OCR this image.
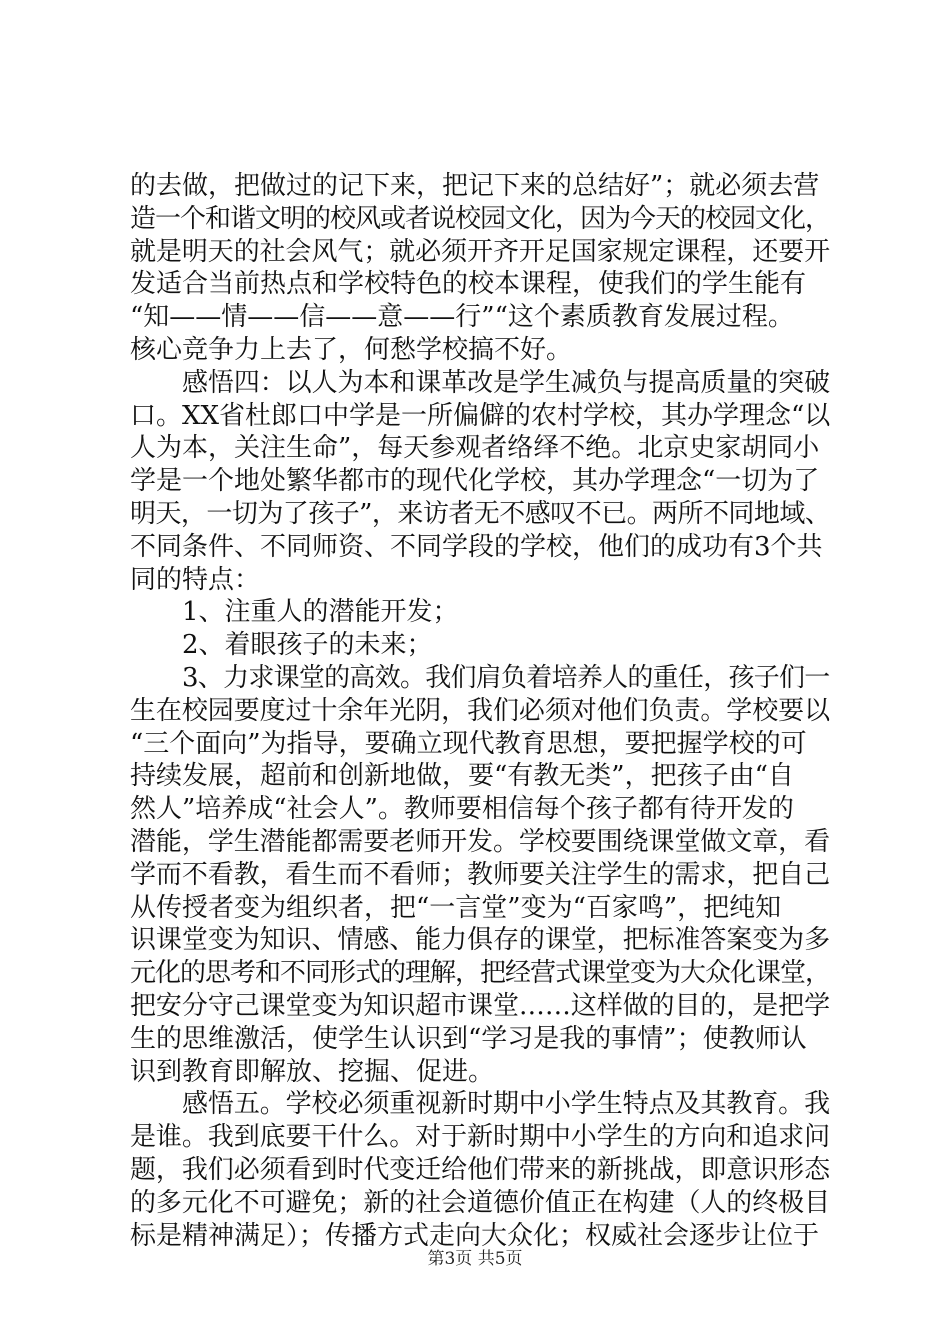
的去做，把做过的记下来，把记下来的总结好”；就必须去营
造一个和谐文明的校风或者说校园文化，因为今天的校园文化，
就是明天的社会风气；就必须开齐开足国家规定课程，还要开
发适合当前热点和学校特色的校本课程，使我们的学生能有
“知——情——信——意——行”“这个素质教育发展过程。
核心竞争力上去了，何愁学校搞不好。
感悟四：以人为本和课革改是学生减负与提高质量的突破
口。XX省杜郎口中学是一所偏僻的农村学校，其办学理念“以
人为本，关注生命”，每天参观者络绎不绝。北京史家胡同小
学是一个地处繁华都市的现代化学校，其办学理念“一切为了
明天，一切为了孩子”，来访者无不感叹不已。两所不同地域、
不同条件、不同师资、不同学段的学校，他们的成功有3个共
同的特点：
1、注重人的潜能开发；
2、着眼孩子的未来；
3、力求课堂的高效。我们肩负着培养人的重任，孩子们一
生在校园要度过十余年光阴，我们必须对他们负责。学校要以
“三个面向”为指导，要确立现代教育思想，要把握学校的可
持续发展，超前和创新地做，要“有教无类”，把孩子由“自
然人”培养成“社会人”。教师要相信每个孩子都有待开发的
潜能，学生潜能都需要老师开发。学校要围绕课堂做文章，看
学而不看教，看生而不看师；教师要关注学生的需求，把自己
从传授者变为组织者，把“一言堂”变为“百家鸣”，把纯知
识课堂变为知识、情感、能力俱存的课堂，把标准答案变为多
元化的思考和不同形式的理解，把经营式课堂变为大众化课堂，
把安分守己课堂变为知识超市课堂……这样做的目的，是把学
生的思维激活，使学生认识到“学习是我的事情”；使教师认
识到教育即解放、挖掘、促进。
感悟五。学校必须重视新时期中小学生特点及其教育。我
是谁。我到底要干什么。对于新时期中小学生的方向和追求问
题，我们必须看到时代变迁给他们带来的新挑战，即意识形态
的多元化不可避免；新的社会道德价值正在构建（人的终极目
标是精神满足）；传播方式走向大众化；权威社会逐步让位于
第3页 共5页
